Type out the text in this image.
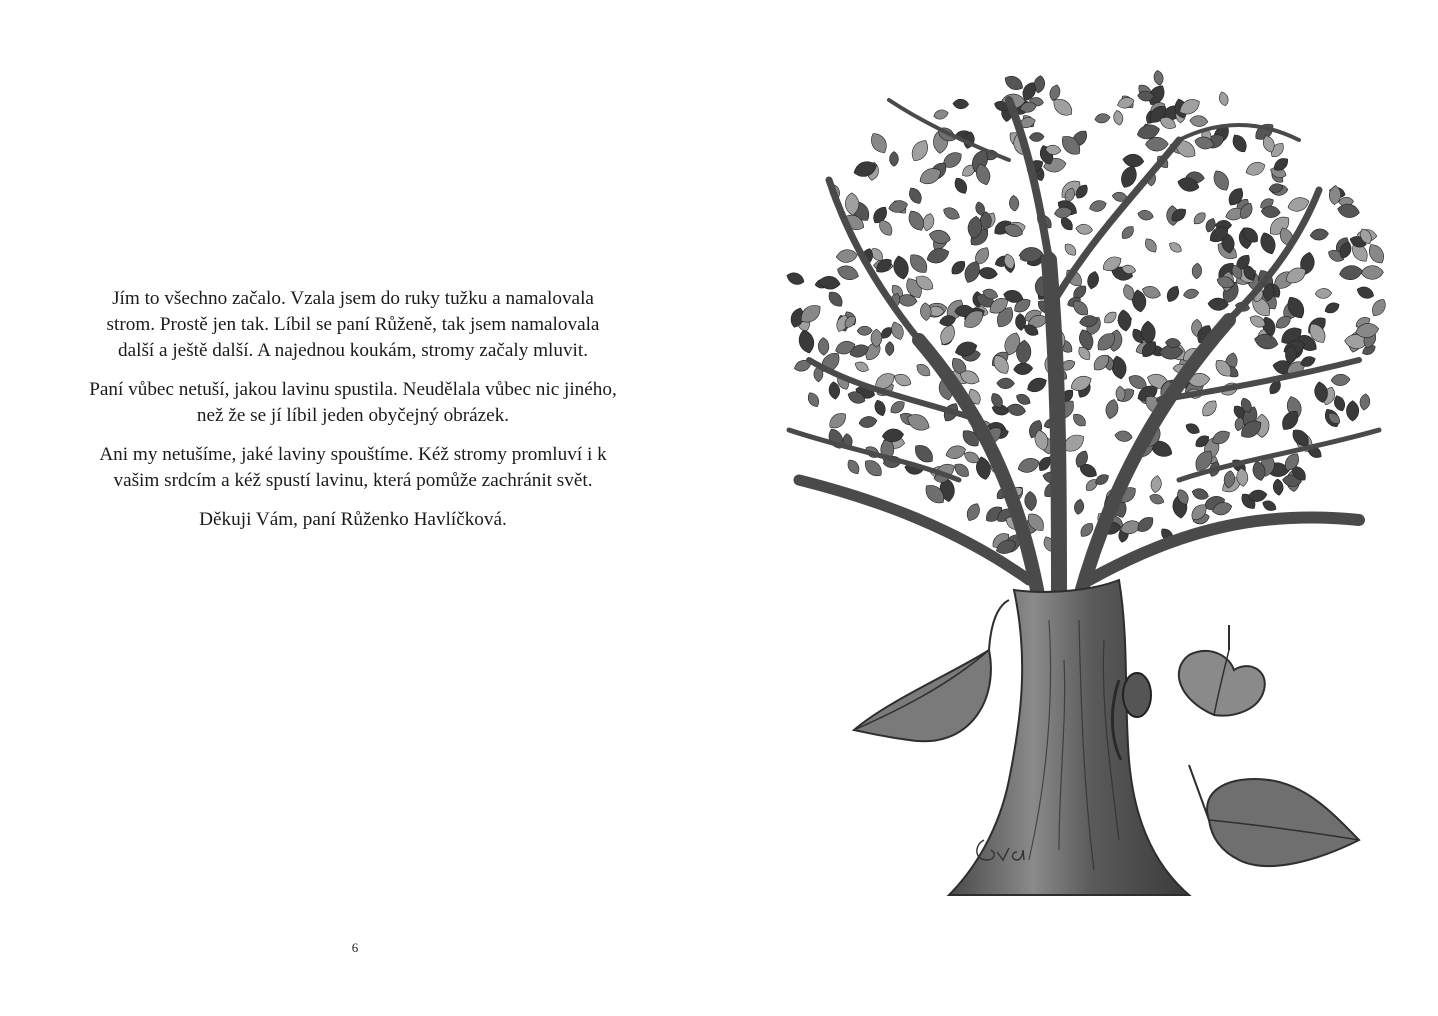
Jím to všechno začalo. Vzala jsem do ruky tužku a namalovala strom. Prostě jen tak. Líbil se paní Růženě, tak jsem namalovala další a ještě další. A najednou koukám, stromy začaly mluvit.

Paní vůbec netuší, jakou lavinu spustila. Neudělala vůbec nic jiného, než že se jí líbil jeden obyčejný obrázek.

Ani my netušíme, jaké laviny spouštíme. Kéž stromy promluví i k vašim srdcím a kéž spustí lavinu, která pomůže zachránit svět.

Děkuji Vám, paní Růženko Havlíčková.

6
